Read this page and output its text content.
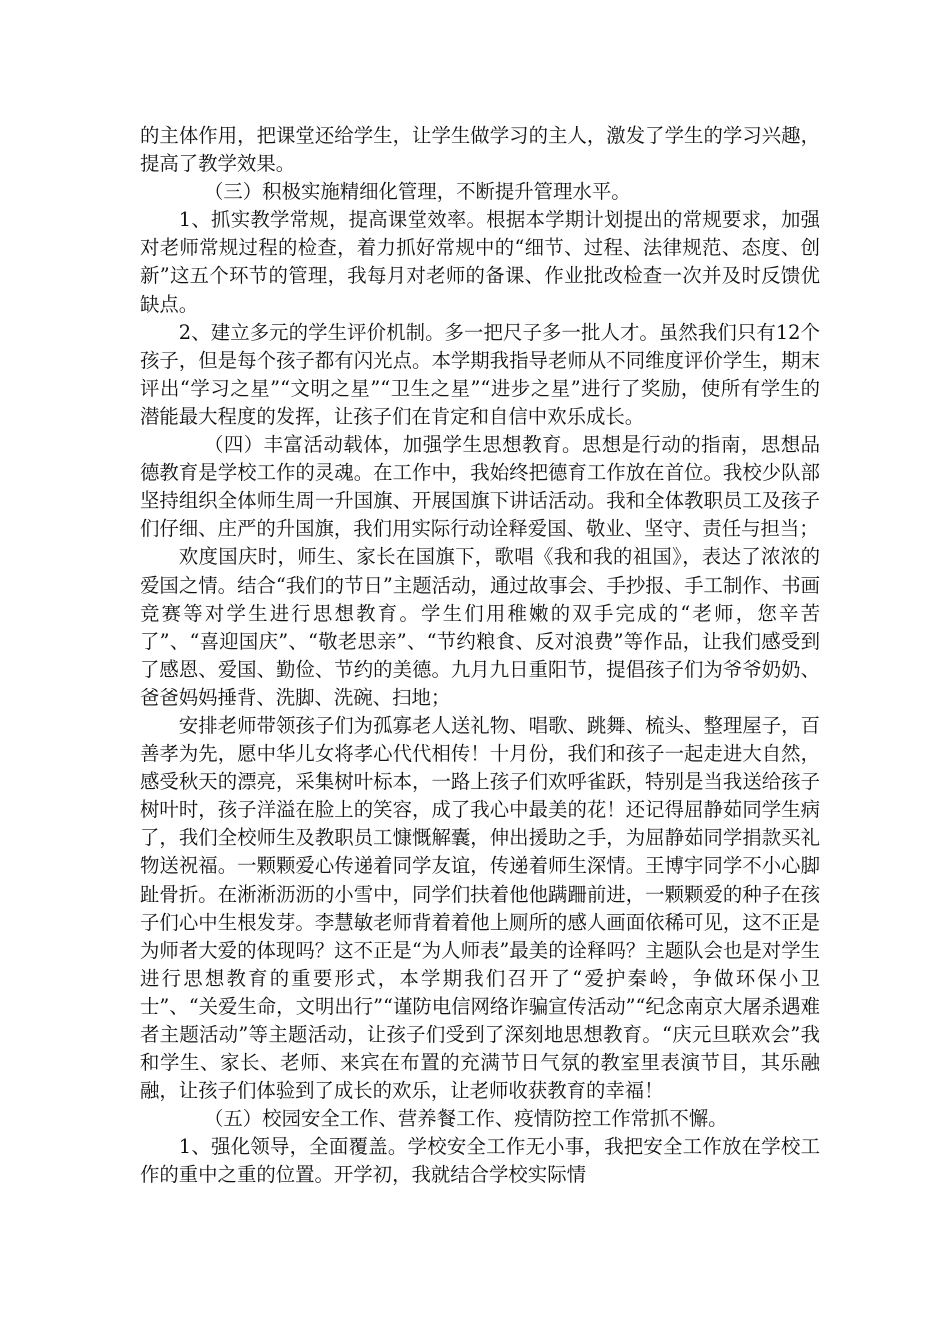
的主体作用，把课堂还给学生，让学生做学习的主人，激发了学生的学习兴趣，提高了教学效果。

（三）积极实施精细化管理，不断提升管理水平。

1、抓实教学常规，提高课堂效率。根据本学期计划提出的常规要求，加强对老师常规过程的检查，着力抓好常规中的“细节、过程、法律规范、态度、创新”这五个环节的管理，我每月对老师的备课、作业批改检查一次并及时反馈优缺点。

2、建立多元的学生评价机制。多一把尺子多一批人才。虽然我们只有12个孩子，但是每个孩子都有闪光点。本学期我指导老师从不同维度评价学生，期末评出“学习之星”“文明之星”“卫生之星”“进步之星”进行了奖励，使所有学生的潜能最大程度的发挥，让孩子们在肯定和自信中欢乐成长。

（四）丰富活动载体，加强学生思想教育。思想是行动的指南，思想品德教育是学校工作的灵魂。在工作中，我始终把德育工作放在首位。我校少队部坚持组织全体师生周一升国旗、开展国旗下讲话活动。我和全体教职员工及孩子们仔细、庄严的升国旗，我们用实际行动诠释爱国、敬业、坚守、责任与担当；

欢度国庆时，师生、家长在国旗下，歌唱《我和我的祖国》，表达了浓浓的爱国之情。结合“我们的节日”主题活动，通过故事会、手抄报、手工制作、书画竞赛等对学生进行思想教育。学生们用稚嫩的双手完成的“老师，您辛苦了”、“喜迎国庆”、“敬老思亲”、“节约粮食、反对浪费”等作品，让我们感受到了感恩、爱国、勤俭、节约的美德。九月九日重阳节，提倡孩子们为爷爷奶奶、爸爸妈妈捶背、洗脚、洗碗、扫地；

安排老师带领孩子们为孤寡老人送礼物、唱歌、跳舞、梳头、整理屋子，百善孝为先，愿中华儿女将孝心代代相传！十月份，我们和孩子一起走进大自然，感受秋天的漂亮，采集树叶标本，一路上孩子们欢呼雀跃，特别是当我送给孩子树叶时，孩子洋溢在脸上的笑容，成了我心中最美的花！还记得屈静茹同学生病了，我们全校师生及教职员工慷慨解囊，伸出援助之手，为屈静茹同学捐款买礼物送祝福。一颗颗爱心传递着同学友谊，传递着师生深情。王博宇同学不小心脚趾骨折。在淅淅沥沥的小雪中，同学们扶着他他蹒跚前进，一颗颗爱的种子在孩子们心中生根发芽。李慧敏老师背着着他上厕所的感人画面依稀可见，这不正是为师者大爱的体现吗？这不正是“为人师表”最美的诠释吗？主题队会也是对学生进行思想教育的重要形式，本学期我们召开了“爱护秦岭，争做环保小卫士”、“关爱生命，文明出行”“谨防电信网络诈骗宣传活动”“纪念南京大屠杀遇难者主题活动”等主题活动，让孩子们受到了深刻地思想教育。“庆元旦联欢会”我和学生、家长、老师、来宾在布置的充满节日气氛的教室里表演节目，其乐融融，让孩子们体验到了成长的欢乐，让老师收获教育的幸福！

（五）校园安全工作、营养餐工作、疫情防控工作常抓不懈。

1、强化领导，全面覆盖。学校安全工作无小事，我把安全工作放在学校工作的重中之重的位置。开学初，我就结合学校实际情
